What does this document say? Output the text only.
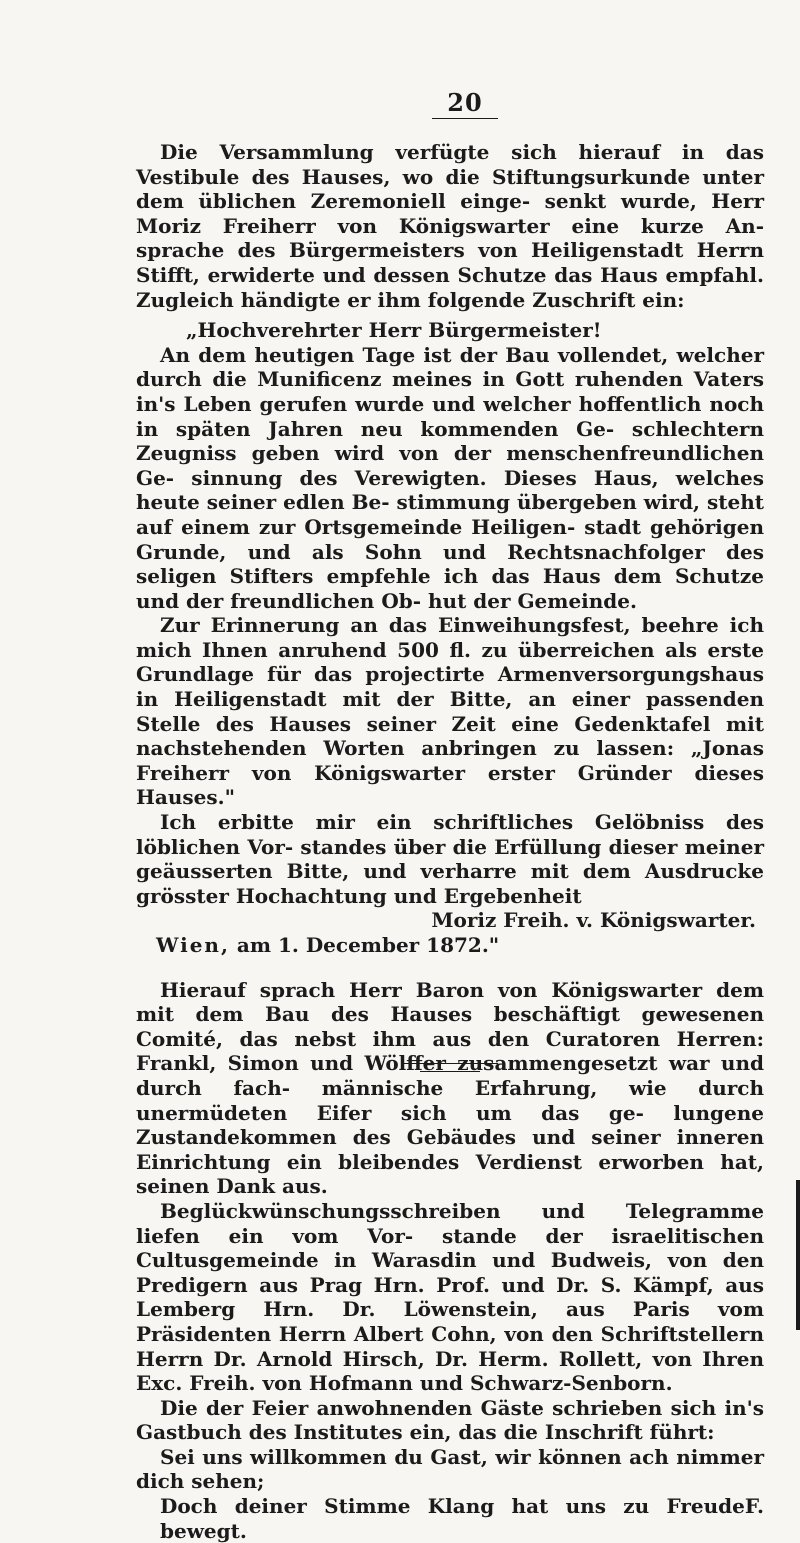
20

Die Versammlung verfügte sich hierauf in das Vestibule des Hauses, wo die Stiftungsurkunde unter dem üblichen Zeremoniell einge- senkt wurde, Herr Moriz Freiherr von Königswarter eine kurze An- sprache des Bürgermeisters von Heiligenstadt Herrn Stifft, erwiderte und dessen Schutze das Haus empfahl. Zugleich händigte er ihm folgende Zuschrift ein:

„Hochverehrter Herr Bürgermeister!

An dem heutigen Tage ist der Bau vollendet, welcher durch die Munificenz meines in Gott ruhenden Vaters in's Leben gerufen wurde und welcher hoffentlich noch in späten Jahren neu kommenden Ge- schlechtern Zeugniss geben wird von der menschenfreundlichen Ge- sinnung des Verewigten. Dieses Haus, welches heute seiner edlen Be- stimmung übergeben wird, steht auf einem zur Ortsgemeinde Heiligen- stadt gehörigen Grunde, und als Sohn und Rechtsnachfolger des seligen Stifters empfehle ich das Haus dem Schutze und der freundlichen Ob- hut der Gemeinde.

Zur Erinnerung an das Einweihungsfest, beehre ich mich Ihnen anruhend 500 fl. zu überreichen als erste Grundlage für das projectirte Armenversorgungshaus in Heiligenstadt mit der Bitte, an einer passenden Stelle des Hauses seiner Zeit eine Gedenktafel mit nachstehenden Worten anbringen zu lassen: „Jonas Freiherr von Königswarter erster Gründer dieses Hauses."

Ich erbitte mir ein schriftliches Gelöbniss des löblichen Vor- standes über die Erfüllung dieser meiner geäusserten Bitte, und verharre mit dem Ausdrucke grösster Hochachtung und Ergebenheit

Moriz Freih. v. Königswarter.

Wien, am 1. December 1872."

Hierauf sprach Herr Baron von Königswarter dem mit dem Bau des Hauses beschäftigt gewesenen Comité, das nebst ihm aus den Curatoren Herren: Frankl, Simon und Wölffer zusammengesetzt war und durch fach- männische Erfahrung, wie durch unermüdeten Eifer sich um das ge- lungene Zustandekommen des Gebäudes und seiner inneren Einrichtung ein bleibendes Verdienst erworben hat, seinen Dank aus.

Beglückwünschungsschreiben und Telegramme liefen ein vom Vor- stande der israelitischen Cultusgemeinde in Warasdin und Budweis, von den Predigern aus Prag Hrn. Prof. und Dr. S. Kämpf, aus Lemberg Hrn. Dr. Löwenstein, aus Paris vom Präsidenten Herrn Albert Cohn, von den Schriftstellern Herrn Dr. Arnold Hirsch, Dr. Herm. Rollett, von Ihren Exc. Freih. von Hofmann und Schwarz-Senborn.

Die der Feier anwohnenden Gäste schrieben sich in's Gastbuch des Institutes ein, das die Inschrift führt:

Sei uns willkommen du Gast, wir können ach nimmer dich sehen;

Doch deiner Stimme Klang hat uns zu Freude bewegt.
F.
